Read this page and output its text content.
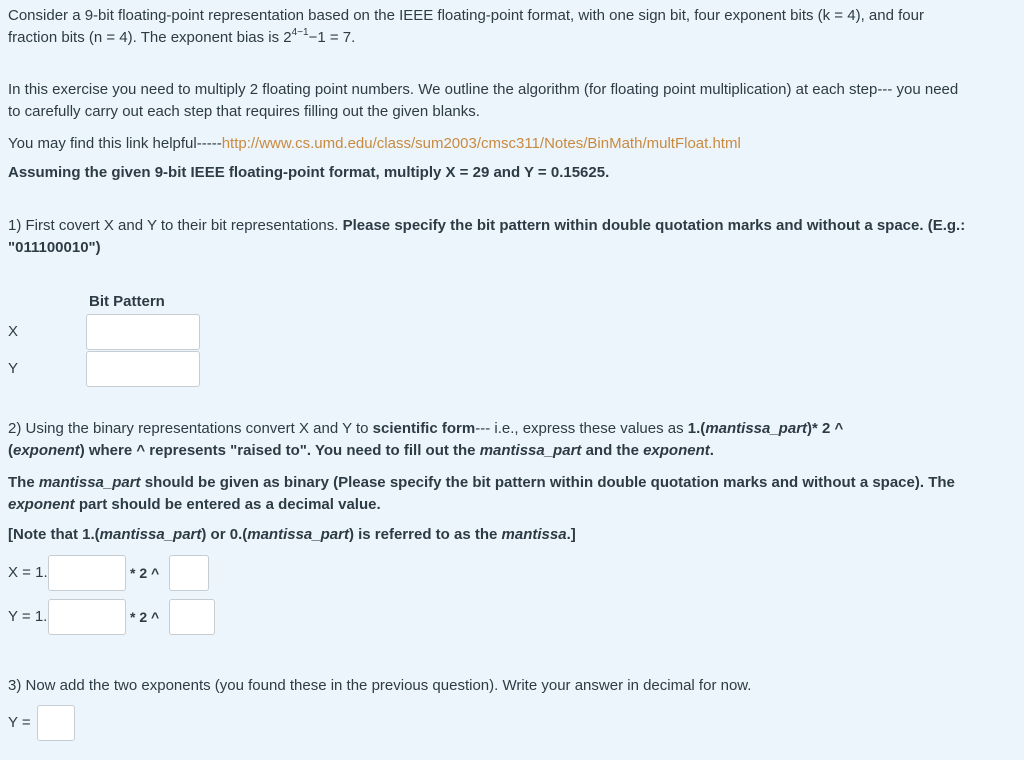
Consider a 9-bit floating-point representation based on the IEEE floating-point format, with one sign bit, four exponent bits (k = 4), and four
fraction bits (n = 4). The exponent bias is $2^{4-1}-1 = 7$.
In this exercise you need to multiply 2 floating point numbers. We outline the algorithm (for floating point multiplication) at each step--- you need
to carefully carry out each step that requires filling out the given blanks.
You may find this link helpful-----http://www.cs.umd.edu/class/sum2003/cmsc311/Notes/BinMath/multFloat.html
Assuming the given 9-bit IEEE floating-point format, multiply X = 29 and Y = 0.15625.
1) First covert X and Y to their bit representations. Please specify the bit pattern within double quotation marks and without a space. (E.g.:
"011100010")
Bit Pattern
X
Y
2) Using the binary representations convert X and Y to scientific form--- i.e., express these values as 1.(mantissa_part)* 2 ^
(exponent) where ^ represents "raised to". You need to fill out the mantissa_part and the exponent.
The mantissa_part should be given as binary (Please specify the bit pattern within double quotation marks and without a space). The
exponent part should be entered as a decimal value.
[Note that 1.(mantissa_part) or 0.(mantissa_part) is referred to as the mantissa.]
X = 1.	* 2 ^
Y = 1.	* 2 ^
3) Now add the two exponents (you found these in the previous question). Write your answer in decimal for now.
Y =
